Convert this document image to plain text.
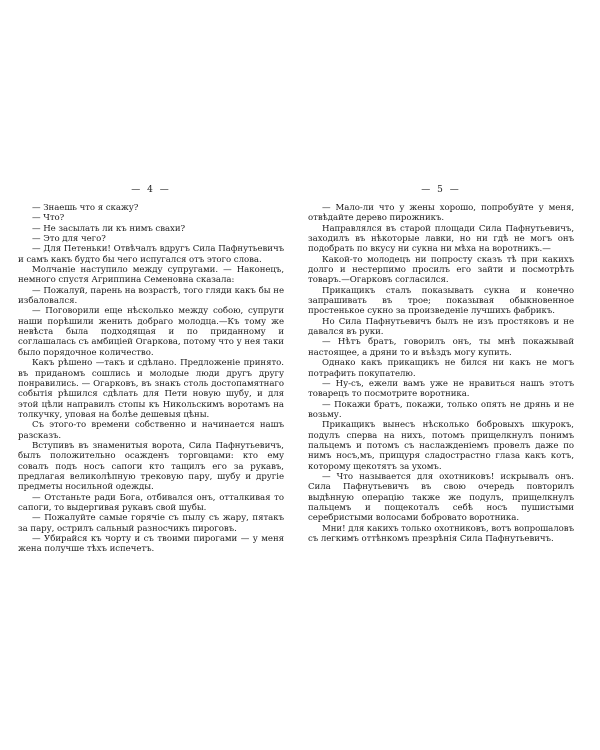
— 4 —

— Знаешь что я скажу?

— Что?

— Не засылать ли къ нимъ свахи?

— Это для чего?

— Для Петеньки! Отвѣчалъ вдругъ Сила Пафнутьевичъ и самъ какъ будто бы чего испугался отъ этого слова.

Молчаніе наступило между супругами. — Наконецъ, немного спустя Агриппина Семеновна сказала:

— Пожалуй, парень на возрастѣ, того гляди какъ бы не избаловался.

— Поговорили еще нѣсколько между собою, супруги наши порѣшили женить добраго молодца.—Къ тому же невѣста была подходящая и по приданному и соглашалась съ амбиціей Огаркова, потому что у нея таки было порядочное количество.

Какъ рѣшено —такъ и сдѣлано. Предложеніе принято. въ приданомъ сошлись и молодые люди другъ другу понравились. — Огарковъ, въ знакъ столь достопамятнаго событія рѣшился сдѣлать для Пети новую шубу, и для этой цѣли направилъ стопы къ Никольскимъ воротамъ на толкучку, уповая на болѣе дешевыя цѣны.

Съ этого-то времени собственно и начинается нашъ разсказъ.

Вступивъ въ знаменитыя ворота, Сила Пафнутьевичъ, былъ положительно осажденъ торговцами: кто ему совалъ подъ носъ сапоги кто тащилъ его за рукавъ, предлагая великолѣпную трековую пару, шубу и другіе предметы носильной одежды.

— Отстаньте ради Бога, отбивался онъ, отталкивая то сапоги, то выдергивая рукавъ свой шубы.

— Пожалуйте самые горячіе съ пылу съ жару, пятакъ за пару, острилъ сальный разносчикъ пироговъ.

— Убирайся къ чорту и съ твоими пирогами — у меня жена получше тѣхъ испечетъ.

— 5 —

— Мало-ли что у жены хорошо, попробуйте у меня, отвѣдайте дерево пирожникъ.

Направлялся въ старой площади Сила Пафнутьевичъ, заходилъ въ нѣкоторые лавки, но ни гдѣ не могъ онъ подобрать по вкусу ни сукна ни мѣха на воротникъ.—

Какой-то молодецъ ни попросту сказъ тѣ при какихъ долго и нестерпимо просилъ его зайти и посмотрѣть товаръ.—Огарковъ согласился.

Прикащикъ сталъ показывать сукна и конечно запрашивать въ трое; показывая обыкновенное простенькое сукно за произведеніе лучшихъ фабрикъ.

Но Сила Пафнутьевичъ былъ не изъ простяковъ и не давался въ руки.

— Нѣтъ братъ, говорилъ онъ, ты мнѣ покажывай настоящее, а дряни то и въѣздъ могу купить.

Однако какъ прикащикъ не бился ни какъ не могъ потрафить покупателю.

— Ну-съ, ежели вамъ уже не нравиться нашъ этотъ товарецъ то посмотрите воротника.

— Покажи братъ, покажи, только опять не дрянь и не возьму.

Прикащикъ вынесъ нѣсколько бобровыхъ шкурокъ, подулъ сперва на нихъ, потомъ прищелкнулъ понимъ пальцемъ и потомъ съ наслажденіемъ провелъ даже по нимъ носъ,мъ, прищуря сладострастно глаза какъ котъ, которому щекотятъ за ухомъ.

— Что называется для охотниковъ! искрывалъ онъ. Сила Пафнутьевичъ въ свою очередь повторилъ выдѣнную операцію также же подулъ, прищелкнулъ пальцемъ и пощекоталъ себѣ носъ пушистыми серебристыми волосами бобровато воротника.

Мни! для какихъ только охотниковъ, вотъ вопрошаловъ съ легкимъ оттѣнкомъ презрѣнія Сила Пафнутьевичъ.
